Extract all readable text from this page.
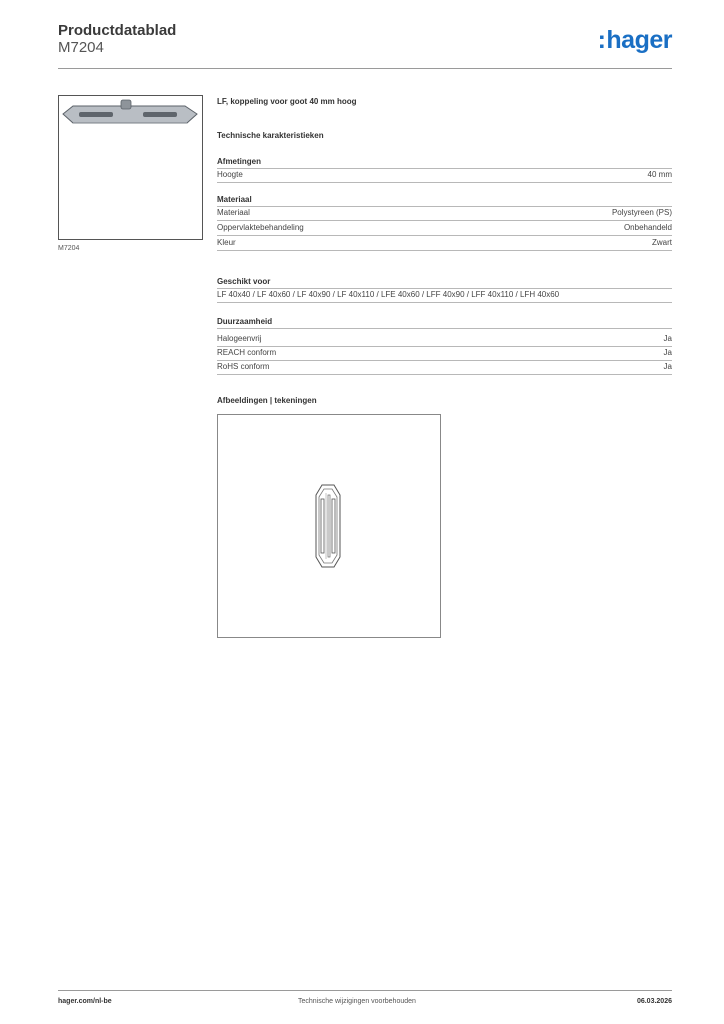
Productdatablad
M7204	:hager
M7204
LF, koppeling voor goot 40 mm hoog
Technische karakteristieken
Afmetingen
Hoogte	40 mm
Materiaal
Materiaal	Polystyreen (PS)
Oppervlaktebehandeling	Onbehandeld
Kleur	Zwart
Geschikt voor
LF 40x40 / LF 40x60 / LF 40x90 / LF 40x110 / LFE 40x60 / LFF 40x90 / LFF 40x110 / LFH 40x60
Duurzaamheid
Halogeenvrij	Ja
REACH conform	Ja
RoHS conform	Ja
Afbeeldingen | tekeningen
hager.com/nl-be	Technische wijzigingen voorbehouden	06.03.2026
